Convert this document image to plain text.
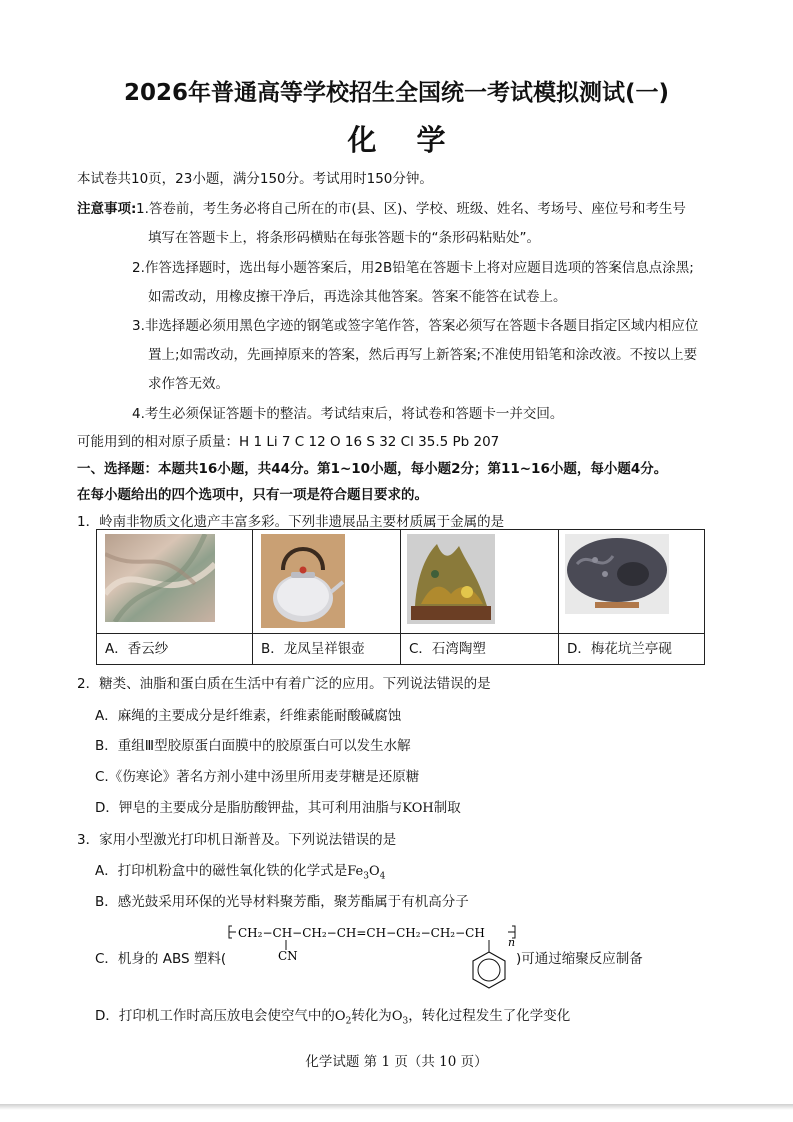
2026年普通高等学校招生全国统一考试模拟测试(一)
化学
本试卷共10页，23小题，满分150分。考试用时150分钟。
注意事项: 1.答卷前，考生务必将自己所在的市(县、区)、学校、班级、姓名、考场号、座位号和考生号
填写在答题卡上，将条形码横贴在每张答题卡的“条形码粘贴处”。
2.作答选择题时，选出每小题答案后，用2B铅笔在答题卡上将对应题目选项的答案信息点涂黑;
如需改动，用橡皮擦干净后，再选涂其他答案。答案不能答在试卷上。
3.非选择题必须用黑色字迹的钢笔或签字笔作答，答案必须写在答题卡各题目指定区域内相应位
置上;如需改动，先画掉原来的答案，然后再写上新答案;不准使用铅笔和涂改液。不按以上要
求作答无效。
4.考生必须保证答题卡的整洁。考试结束后，将试卷和答题卡一并交回。
可能用到的相对原子质量：H 1 Li 7 C 12 O 16 S 32 Cl 35.5 Pb 207
一、选择题：本题共16小题，共44分。第1~10小题，每小题2分；第11~16小题，每小题4分。
在每小题给出的四个选项中，只有一项是符合题目要求的。
1．岭南非物质文化遗产丰富多彩。下列非遗展品主要材质属于金属的是

A．香云纱	B．龙凤呈祥银壶	C．石湾陶塑	D．梅花坑兰亭砚
2．糖类、油脂和蛋白质在生活中有着广泛的应用。下列说法错误的是
A．麻绳的主要成分是纤维素，纤维素能耐酸碱腐蚀
B．重组Ⅲ型胶原蛋白面膜中的胶原蛋白可以发生水解
C.《伤寒论》著名方剂小建中汤里所用麦芽糖是还原糖
D．钾皂的主要成分是脂肪酸钾盐，其可利用油脂与KOH制取
3．家用小型激光打印机日渐普及。下列说法错误的是
A．打印机粉盒中的磁性氧化铁的化学式是$Fe_3O_4$
B．感光鼓采用环保的光导材料聚芳酯，聚芳酯属于有机高分子
C．机身的 ABS 塑料(
CH₂−CH−CH₂−CH=CH−CH₂−CH₂−CH
CN
n
)可通过缩聚反应制备
D．打印机工作时高压放电会使空气中的$O_2$转化为$O_3$，转化过程发生了化学变化
化学试题 第 1 页（共 10 页）
